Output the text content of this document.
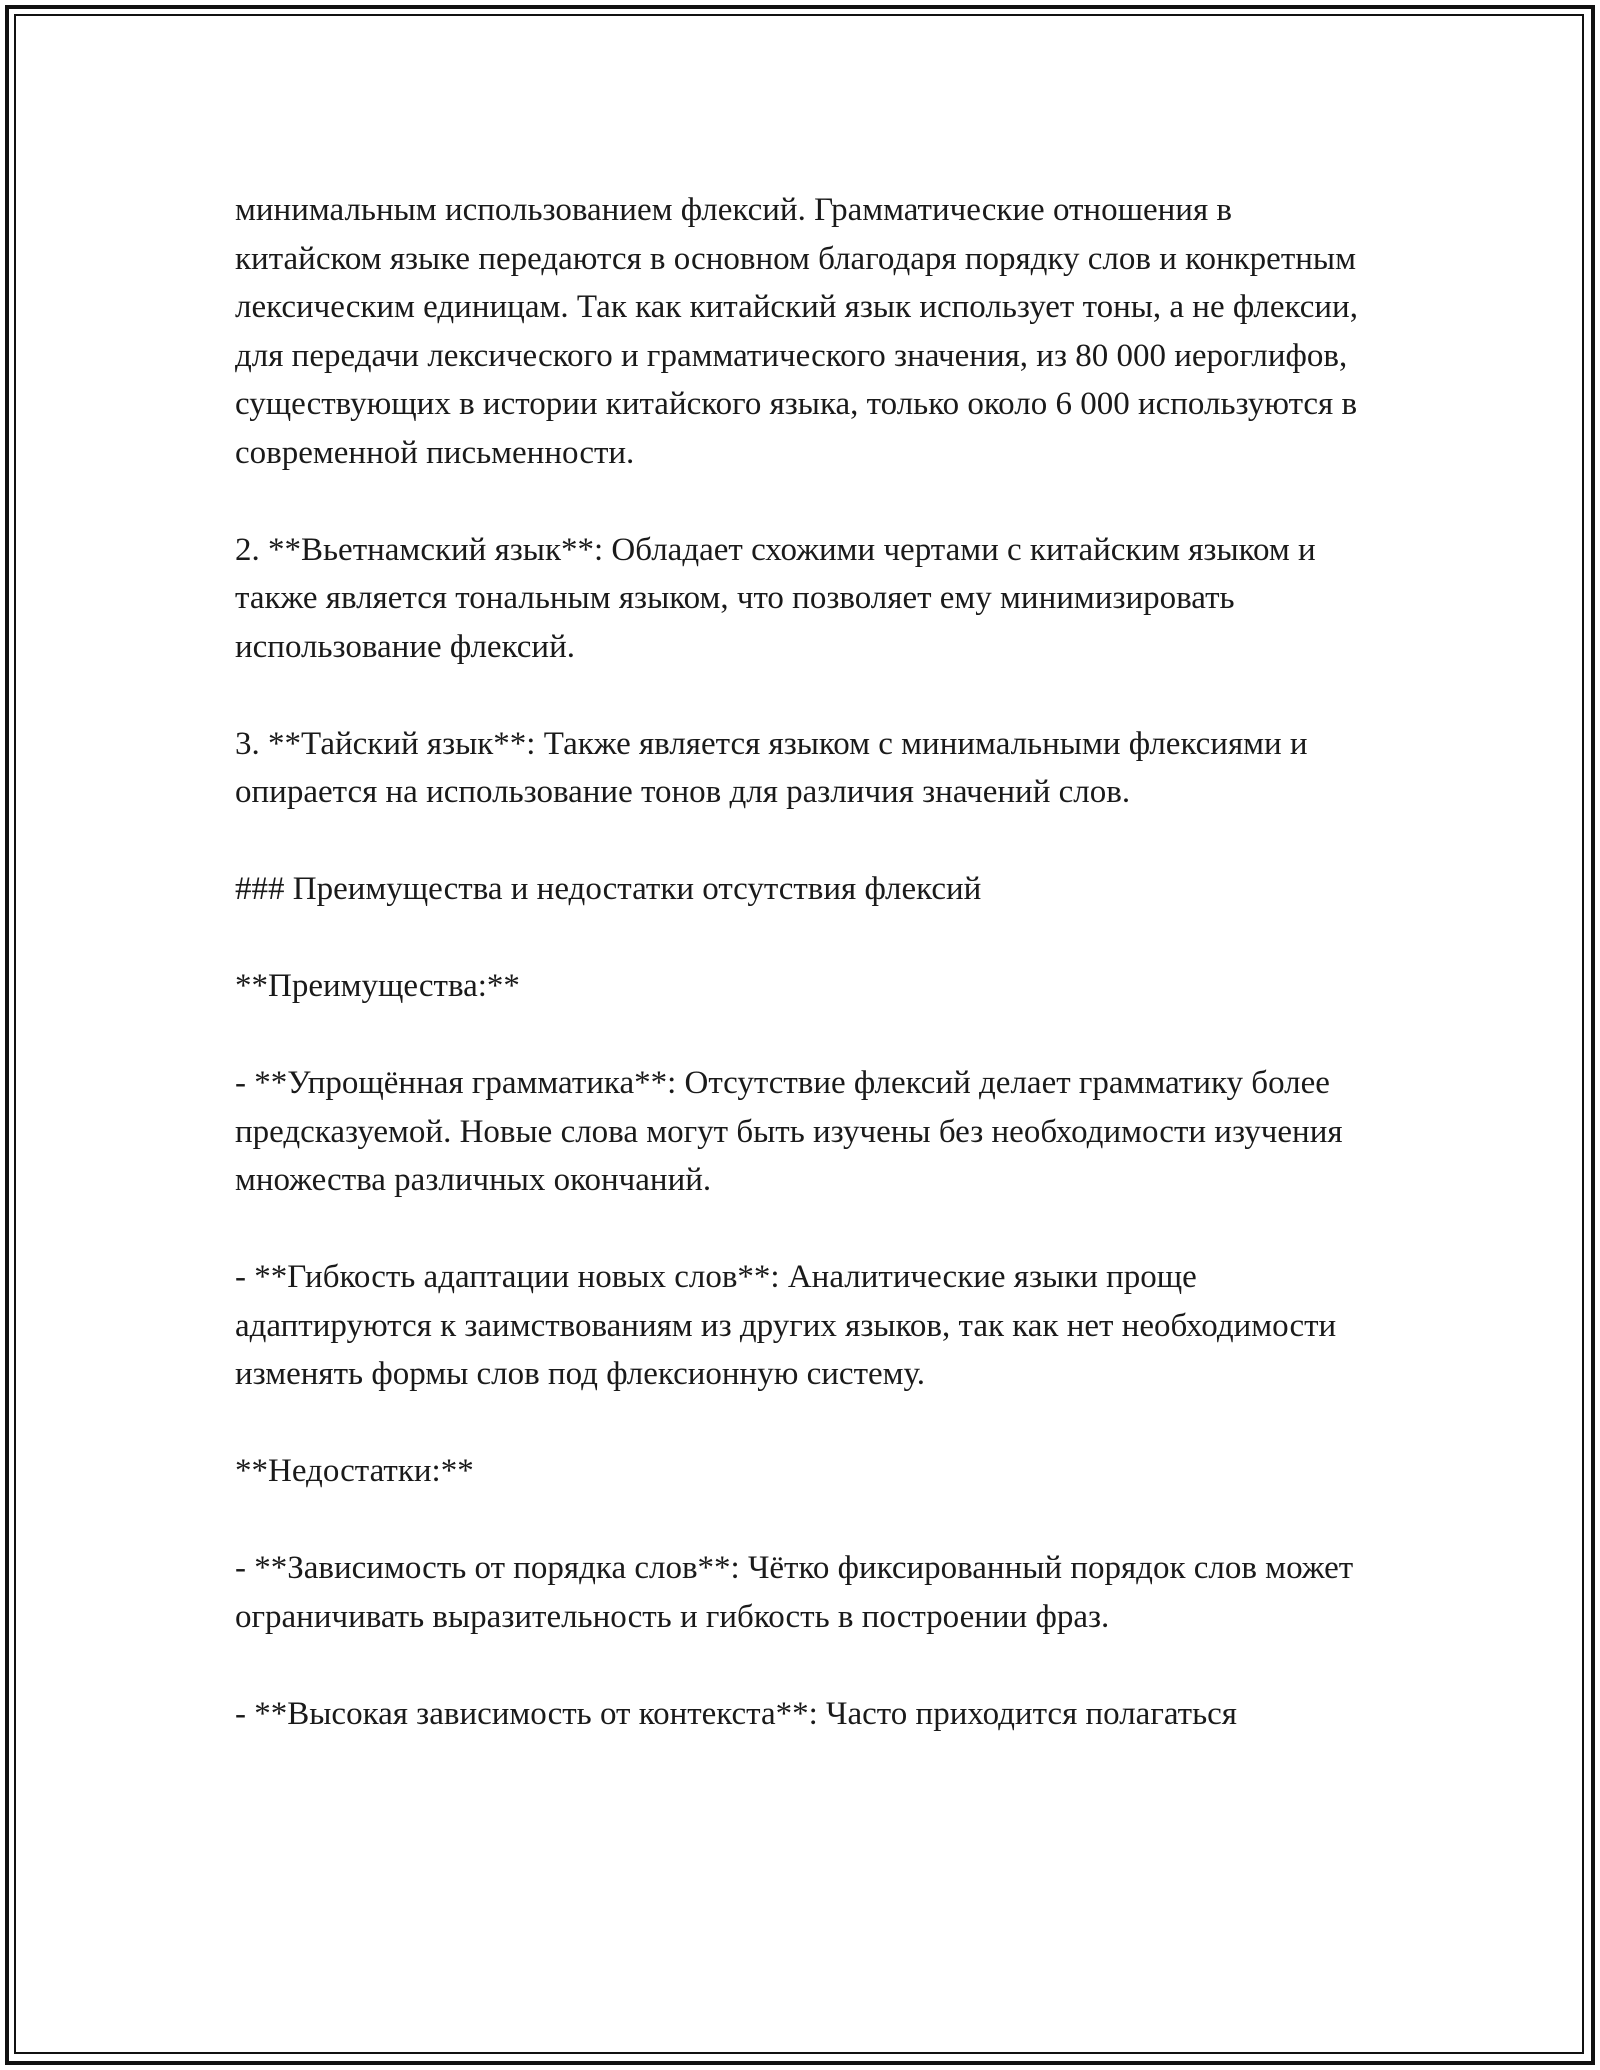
минимальным использованием флексий. Грамматические отношения в китайском языке передаются в основном благодаря порядку слов и конкретным лексическим единицам. Так как китайский язык использует тоны, а не флексии, для передачи лексического и грамматического значения, из 80 000 иероглифов, существующих в истории китайского языка, только около 6 000 используются в современной письменности.

2. **Вьетнамский язык**: Обладает схожими чертами с китайским языком и также является тональным языком, что позволяет ему минимизировать использование флексий.

3. **Тайский язык**: Также является языком с минимальными флексиями и опирается на использование тонов для различия значений слов.

### Преимущества и недостатки отсутствия флексий

**Преимущества:**

- **Упрощённая грамматика**: Отсутствие флексий делает грамматику более предсказуемой. Новые слова могут быть изучены без необходимости изучения множества различных окончаний.

- **Гибкость адаптации новых слов**: Аналитические языки проще адаптируются к заимствованиям из других языков, так как нет необходимости изменять формы слов под флексионную систему.

**Недостатки:**

- **Зависимость от порядка слов**: Чётко фиксированный порядок слов может ограничивать выразительность и гибкость в построении фраз.

- **Высокая зависимость от контекста**: Часто приходится полагаться
